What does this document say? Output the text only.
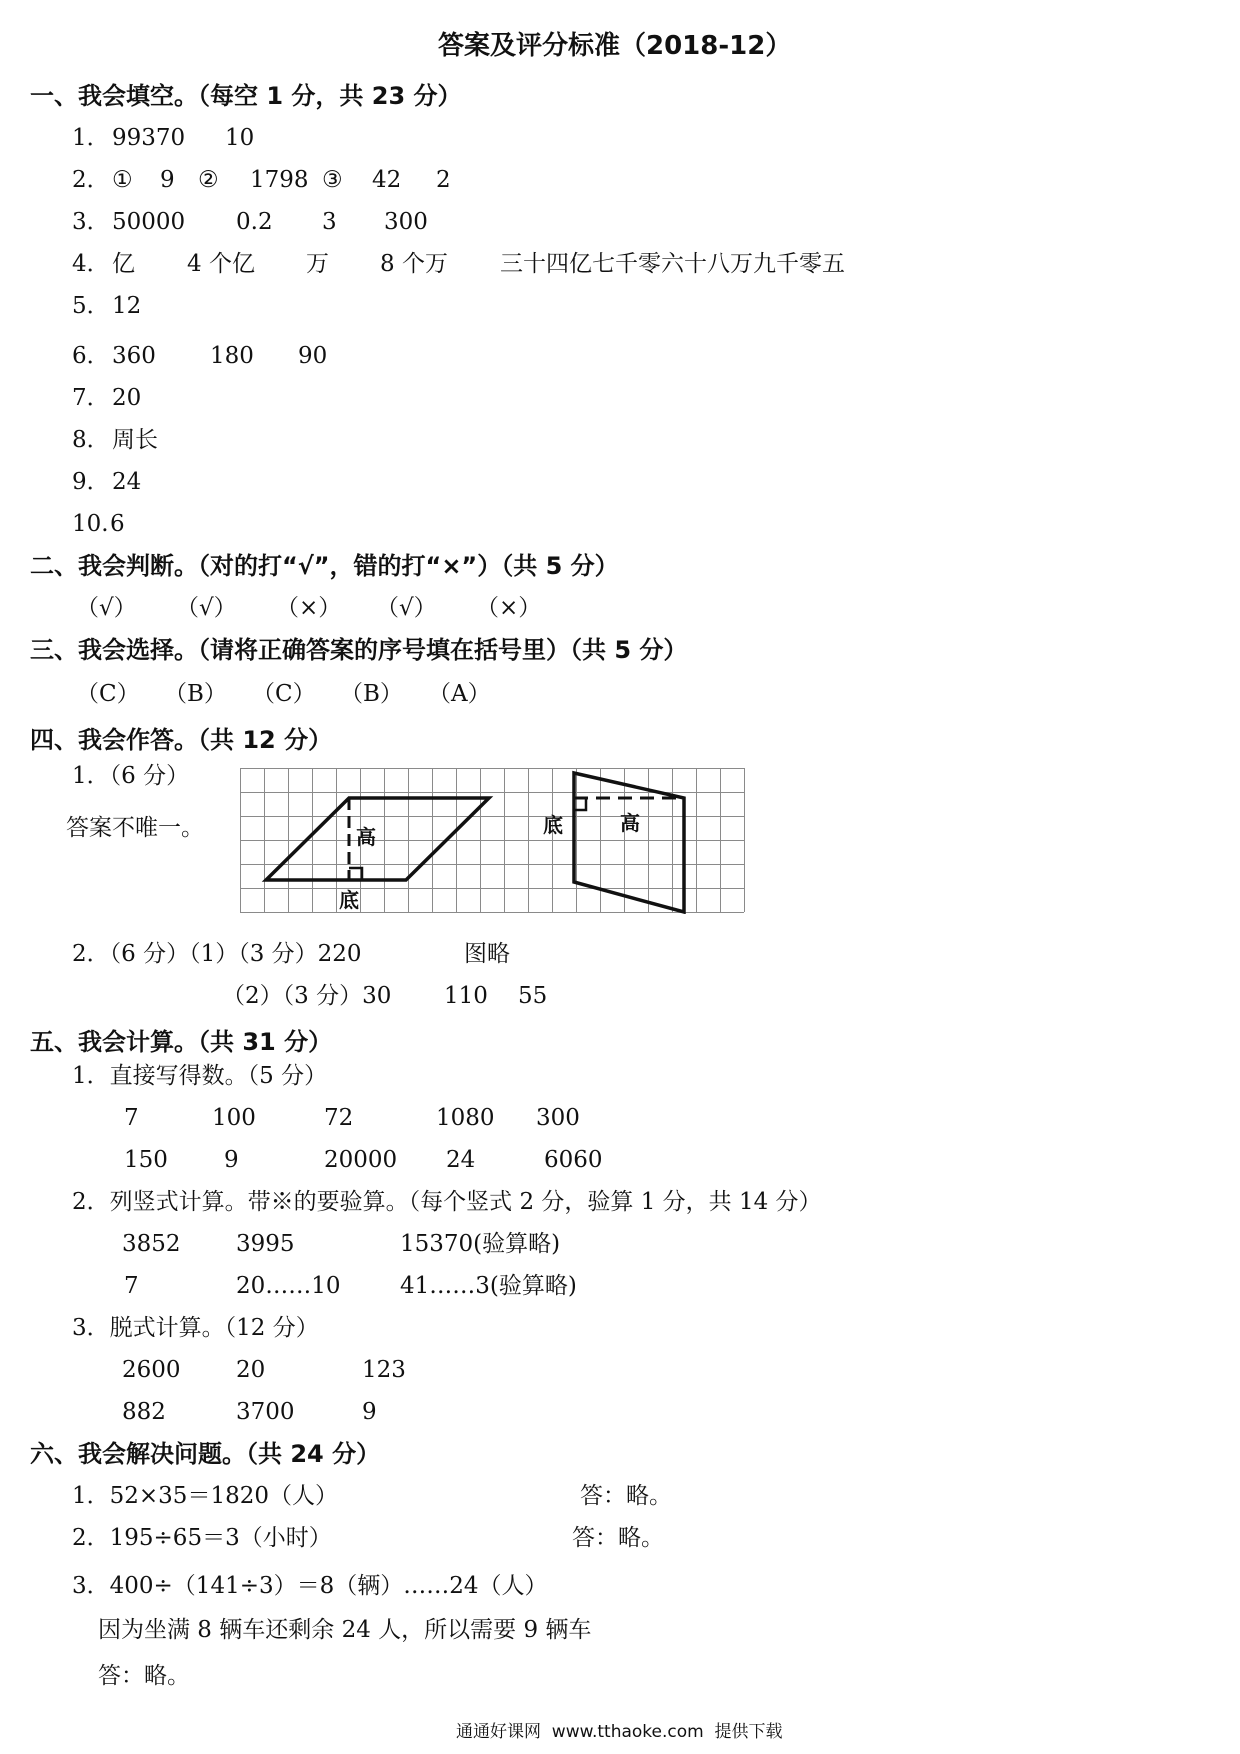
答案及评分标准（2018-12）
一、我会填空。（每空 1 分，共 23 分）
1． 99370 10
2． ① 9 ② 1798 ③ 42 2
3． 50000 0.2 3 300
4． 亿 4 个亿 万 8 个万 三十四亿七千零六十八万九千零五
5． 12
6． 360 180 90
7． 20
8． 周长
9． 24
10. 6
二、我会判断。（对的打“√”，错的打“×”）（共 5 分）
（√） （√） （×） （√） （×）
三、我会选择。（请将正确答案的序号填在括号里）（共 5 分）
（C） （B） （C） （B） （A）
四、我会作答。（共 12 分）
1．（6 分）
答案不唯一。	高
底
底	高
2．（6 分）（1）（3 分）220	图略
（2）（3 分）30 110 55
五、我会计算。（共 31 分）
1．直接写得数。（5 分）
7	100	72	1080 300
150 9	20000 24	6060
2．列竖式计算。带※的要验算。（每个竖式 2 分，验算 1 分，共 14 分）
3852 3995	15370(验算略)
7	20……10	41……3(验算略)
3．脱式计算。（12 分）
2600 20	123
882	3700	9
六、我会解决问题。（共 24 分）
1．52×35＝1820（人）	答：略。
2．195÷65＝3（小时）	答：略。
3．400÷（141÷3）＝8（辆）……24（人）
因为坐满 8 辆车还剩余 24 人，所以需要 9 辆车
答：略。
通通好课网  www.tthaoke.com  提供下载
